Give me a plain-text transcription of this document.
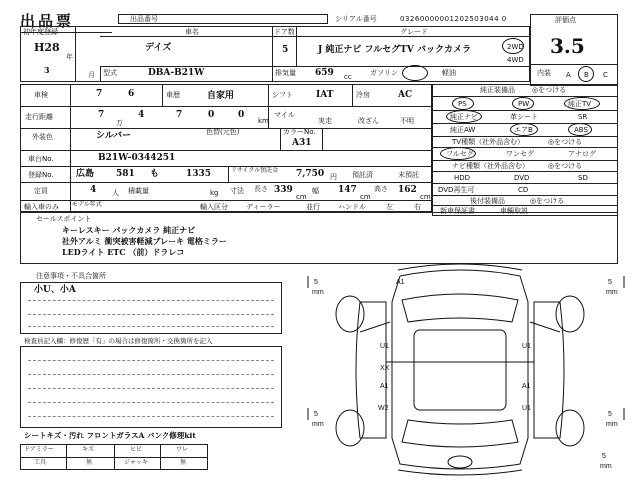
出品票	出品番号	シリアル番号	03260000001202503044 0	評価点
3.5
内装 A B C
初年度登録
H28
年
3	月
車名
デイズ
ドア数
5
グレード
J 純正ナビ フルセグTV バックカメラ	2WD
4WD
型式	DBA-B21W	排気量 659 cc	ガソリン	軽油
車検	7	6	車歴	自家用	シフト	IAT	冷房	AC
走行距離	7
万
4	7	0	0
km
マイル
実走	改ざん	不明
外装色	シルバー	色替(元色)	カラーNo.
A31
車台No.	B21W-0344251
登録No. 広島 581 も	1335	リサイクル預託金 7,750 円 預託済	未預託
定員	4 人 積載量	kg 寸法 長さ 339
cm
幅 147
cm
高さ 162
cm
輸入車のみ モデル年式	輸入区分	ディーラー	並行	ハンドル	左	右
純正装備品 ◎をつける
PS	PW	純正TV
純正ナビ	革シート	SR
純正AW	エアB	ABS
TV種類（社外品含む）	◎をつける
フルセグ	ワンセグ	アナログ
ナビ種類（社外品含む）	◎をつける
HDD	DVD	SD
DVD再生可	CD
後付装備品	◎をつける
新車保証書	車輌取説
セールスポイント
キーレスキー パックカメラ 純正ナビ
社外アルミ 衝突被害軽減ブレーキ 電格ミラー
LEDライト ETC （前）ドラレコ
注意事項・不具合箇所
小U、小A
検査員記入欄：修復歴「有」の場合は修復箇所・交換箇所を記入
シートキズ・汚れ フロントガラスA バンク修理kit
ドアミラー	キズ	ヒビ	ワレ
工具	無	ジャッキ	無
A1
U1
XX
U1
A1
W2	U1
A1
5
mm
5
mm
5
mm
5
mm
5
mm
